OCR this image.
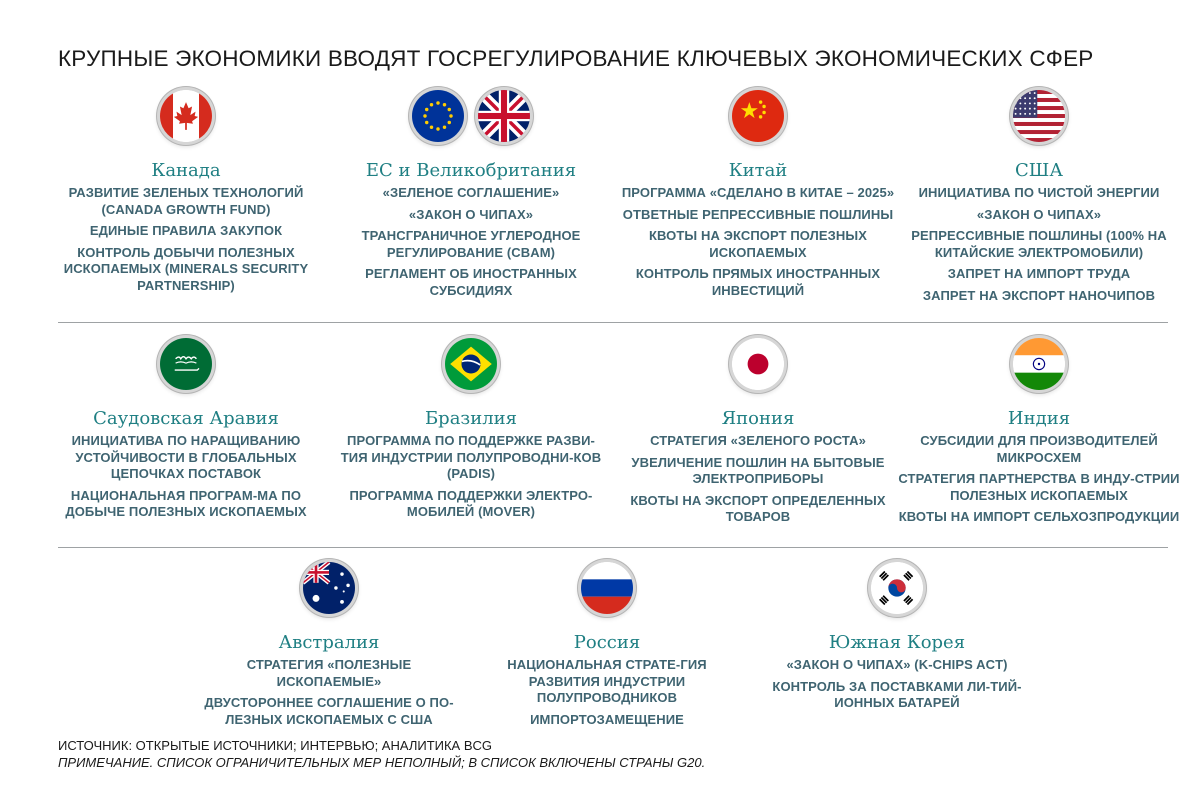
КРУПНЫЕ ЭКОНОМИКИ ВВОДЯТ ГОСРЕГУЛИРОВАНИЕ КЛЮЧЕВЫХ ЭКОНОМИЧЕСКИХ СФЕР
Канада
РАЗВИТИЕ ЗЕЛЕНЫХ ТЕХНОЛОГИЙ (CANADA GROWTH FUND)
ЕДИНЫЕ ПРАВИЛА ЗАКУПОК
КОНТРОЛЬ ДОБЫЧИ ПОЛЕЗНЫХ ИСКОПАЕМЫХ (MINERALS SECURITY PARTNERSHIP)
ЕС и Великобритания
«ЗЕЛЕНОЕ СОГЛАШЕНИЕ»
«ЗАКОН О ЧИПАХ»
ТРАНСГРАНИЧНОЕ УГЛЕРОДНОЕ РЕГУЛИРОВАНИЕ (CBAM)
РЕГЛАМЕНТ ОБ ИНОСТРАННЫХ СУБСИДИЯХ
Китай
ПРОГРАММА «СДЕЛАНО В КИТАЕ – 2025»
ОТВЕТНЫЕ РЕПРЕССИВНЫЕ ПОШЛИНЫ
КВОТЫ НА ЭКСПОРТ ПОЛЕЗНЫХ ИСКОПАЕМЫХ
КОНТРОЛЬ ПРЯМЫХ ИНОСТРАННЫХ ИНВЕСТИЦИЙ
США
ИНИЦИАТИВА ПО ЧИСТОЙ ЭНЕРГИИ
«ЗАКОН О ЧИПАХ»
РЕПРЕССИВНЫЕ ПОШЛИНЫ (100% НА КИТАЙСКИЕ ЭЛЕКТРОМОБИЛИ)
ЗАПРЕТ НА ИМПОРТ ТРУДА
ЗАПРЕТ НА ЭКСПОРТ НАНОЧИПОВ
Саудовская Аравия
ИНИЦИАТИВА ПО НАРАЩИВАНИЮ УСТОЙЧИВОСТИ В ГЛОБАЛЬНЫХ ЦЕПОЧКАХ ПОСТАВОК
НАЦИОНАЛЬНАЯ ПРОГРАМ-МА ПО ДОБЫЧЕ ПОЛЕЗНЫХ ИСКОПАЕМЫХ
Бразилия
ПРОГРАММА ПО ПОДДЕРЖКЕ РАЗВИ-ТИЯ ИНДУСТРИИ ПОЛУПРОВОДНИ-КОВ (PADIS)
ПРОГРАММА ПОДДЕРЖКИ ЭЛЕКТРО-МОБИЛЕЙ (MOVER)
Япония
СТРАТЕГИЯ «ЗЕЛЕНОГО РОСТА»
УВЕЛИЧЕНИЕ ПОШЛИН НА БЫТОВЫЕ ЭЛЕКТРОПРИБОРЫ
КВОТЫ НА ЭКСПОРТ ОПРЕДЕЛЕННЫХ ТОВАРОВ
Индия
СУБСИДИИ ДЛЯ ПРОИЗВОДИТЕЛЕЙ МИКРОСХЕМ
СТРАТЕГИЯ ПАРТНЕРСТВА В ИНДУ-СТРИИ ПОЛЕЗНЫХ ИСКОПАЕМЫХ
КВОТЫ НА ИМПОРТ СЕЛЬХОЗПРОДУКЦИИ
Австралия
СТРАТЕГИЯ «ПОЛЕЗНЫЕ ИСКОПАЕМЫЕ»
ДВУСТОРОННЕЕ СОГЛАШЕНИЕ О ПО-ЛЕЗНЫХ ИСКОПАЕМЫХ С США
Россия
НАЦИОНАЛЬНАЯ СТРАТЕ-ГИЯ РАЗВИТИЯ ИНДУСТРИИ ПОЛУПРОВОДНИКОВ
ИМПОРТОЗАМЕЩЕНИЕ
Южная Корея
«ЗАКОН О ЧИПАХ» (K-CHIPS ACT)
КОНТРОЛЬ ЗА ПОСТАВКАМИ ЛИ-ТИЙ-ИОННЫХ БАТАРЕЙ
ИСТОЧНИК: ОТКРЫТЫЕ ИСТОЧНИКИ; ИНТЕРВЬЮ; АНАЛИТИКА BCG
ПРИМЕЧАНИЕ. СПИСОК ОГРАНИЧИТЕЛЬНЫХ МЕР НЕПОЛНЫЙ; В СПИСОК ВКЛЮЧЕНЫ СТРАНЫ G20.
